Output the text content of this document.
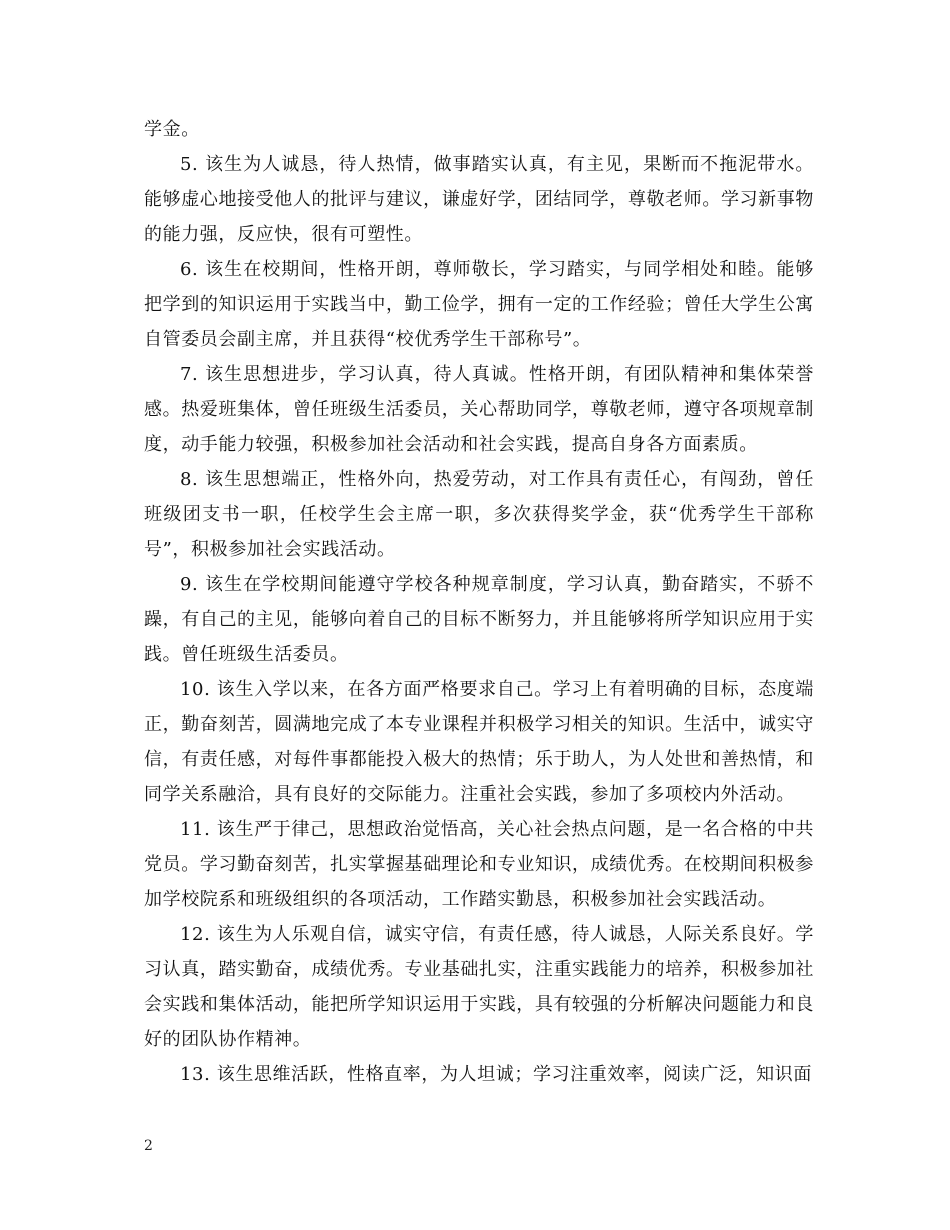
学金。

5. 该生为人诚恳，待人热情，做事踏实认真，有主见，果断而不拖泥带水。能够虚心地接受他人的批评与建议，谦虚好学，团结同学，尊敬老师。学习新事物的能力强，反应快，很有可塑性。

6. 该生在校期间，性格开朗，尊师敬长，学习踏实，与同学相处和睦。能够把学到的知识运用于实践当中，勤工俭学，拥有一定的工作经验；曾任大学生公寓自管委员会副主席，并且获得“校优秀学生干部称号”。

7. 该生思想进步，学习认真，待人真诚。性格开朗，有团队精神和集体荣誉感。热爱班集体，曾任班级生活委员，关心帮助同学，尊敬老师，遵守各项规章制度，动手能力较强，积极参加社会活动和社会实践，提高自身各方面素质。

8. 该生思想端正，性格外向，热爱劳动，对工作具有责任心，有闯劲，曾任班级团支书一职，任校学生会主席一职，多次获得奖学金，获“优秀学生干部称号”，积极参加社会实践活动。

9. 该生在学校期间能遵守学校各种规章制度，学习认真，勤奋踏实，不骄不躁，有自己的主见，能够向着自己的目标不断努力，并且能够将所学知识应用于实践。曾任班级生活委员。

10. 该生入学以来，在各方面严格要求自己。学习上有着明确的目标，态度端正，勤奋刻苦，圆满地完成了本专业课程并积极学习相关的知识。生活中，诚实守信，有责任感，对每件事都能投入极大的热情；乐于助人，为人处世和善热情，和同学关系融洽，具有良好的交际能力。注重社会实践，参加了多项校内外活动。

11. 该生严于律己，思想政治觉悟高，关心社会热点问题，是一名合格的中共党员。学习勤奋刻苦，扎实掌握基础理论和专业知识，成绩优秀。在校期间积极参加学校院系和班级组织的各项活动，工作踏实勤恳，积极参加社会实践活动。

12. 该生为人乐观自信，诚实守信，有责任感，待人诚恳，人际关系良好。学习认真，踏实勤奋，成绩优秀。专业基础扎实，注重实践能力的培养，积极参加社会实践和集体活动，能把所学知识运用于实践，具有较强的分析解决问题能力和良好的团队协作精神。

13. 该生思维活跃，性格直率，为人坦诚；学习注重效率，阅读广泛，知识面

2
